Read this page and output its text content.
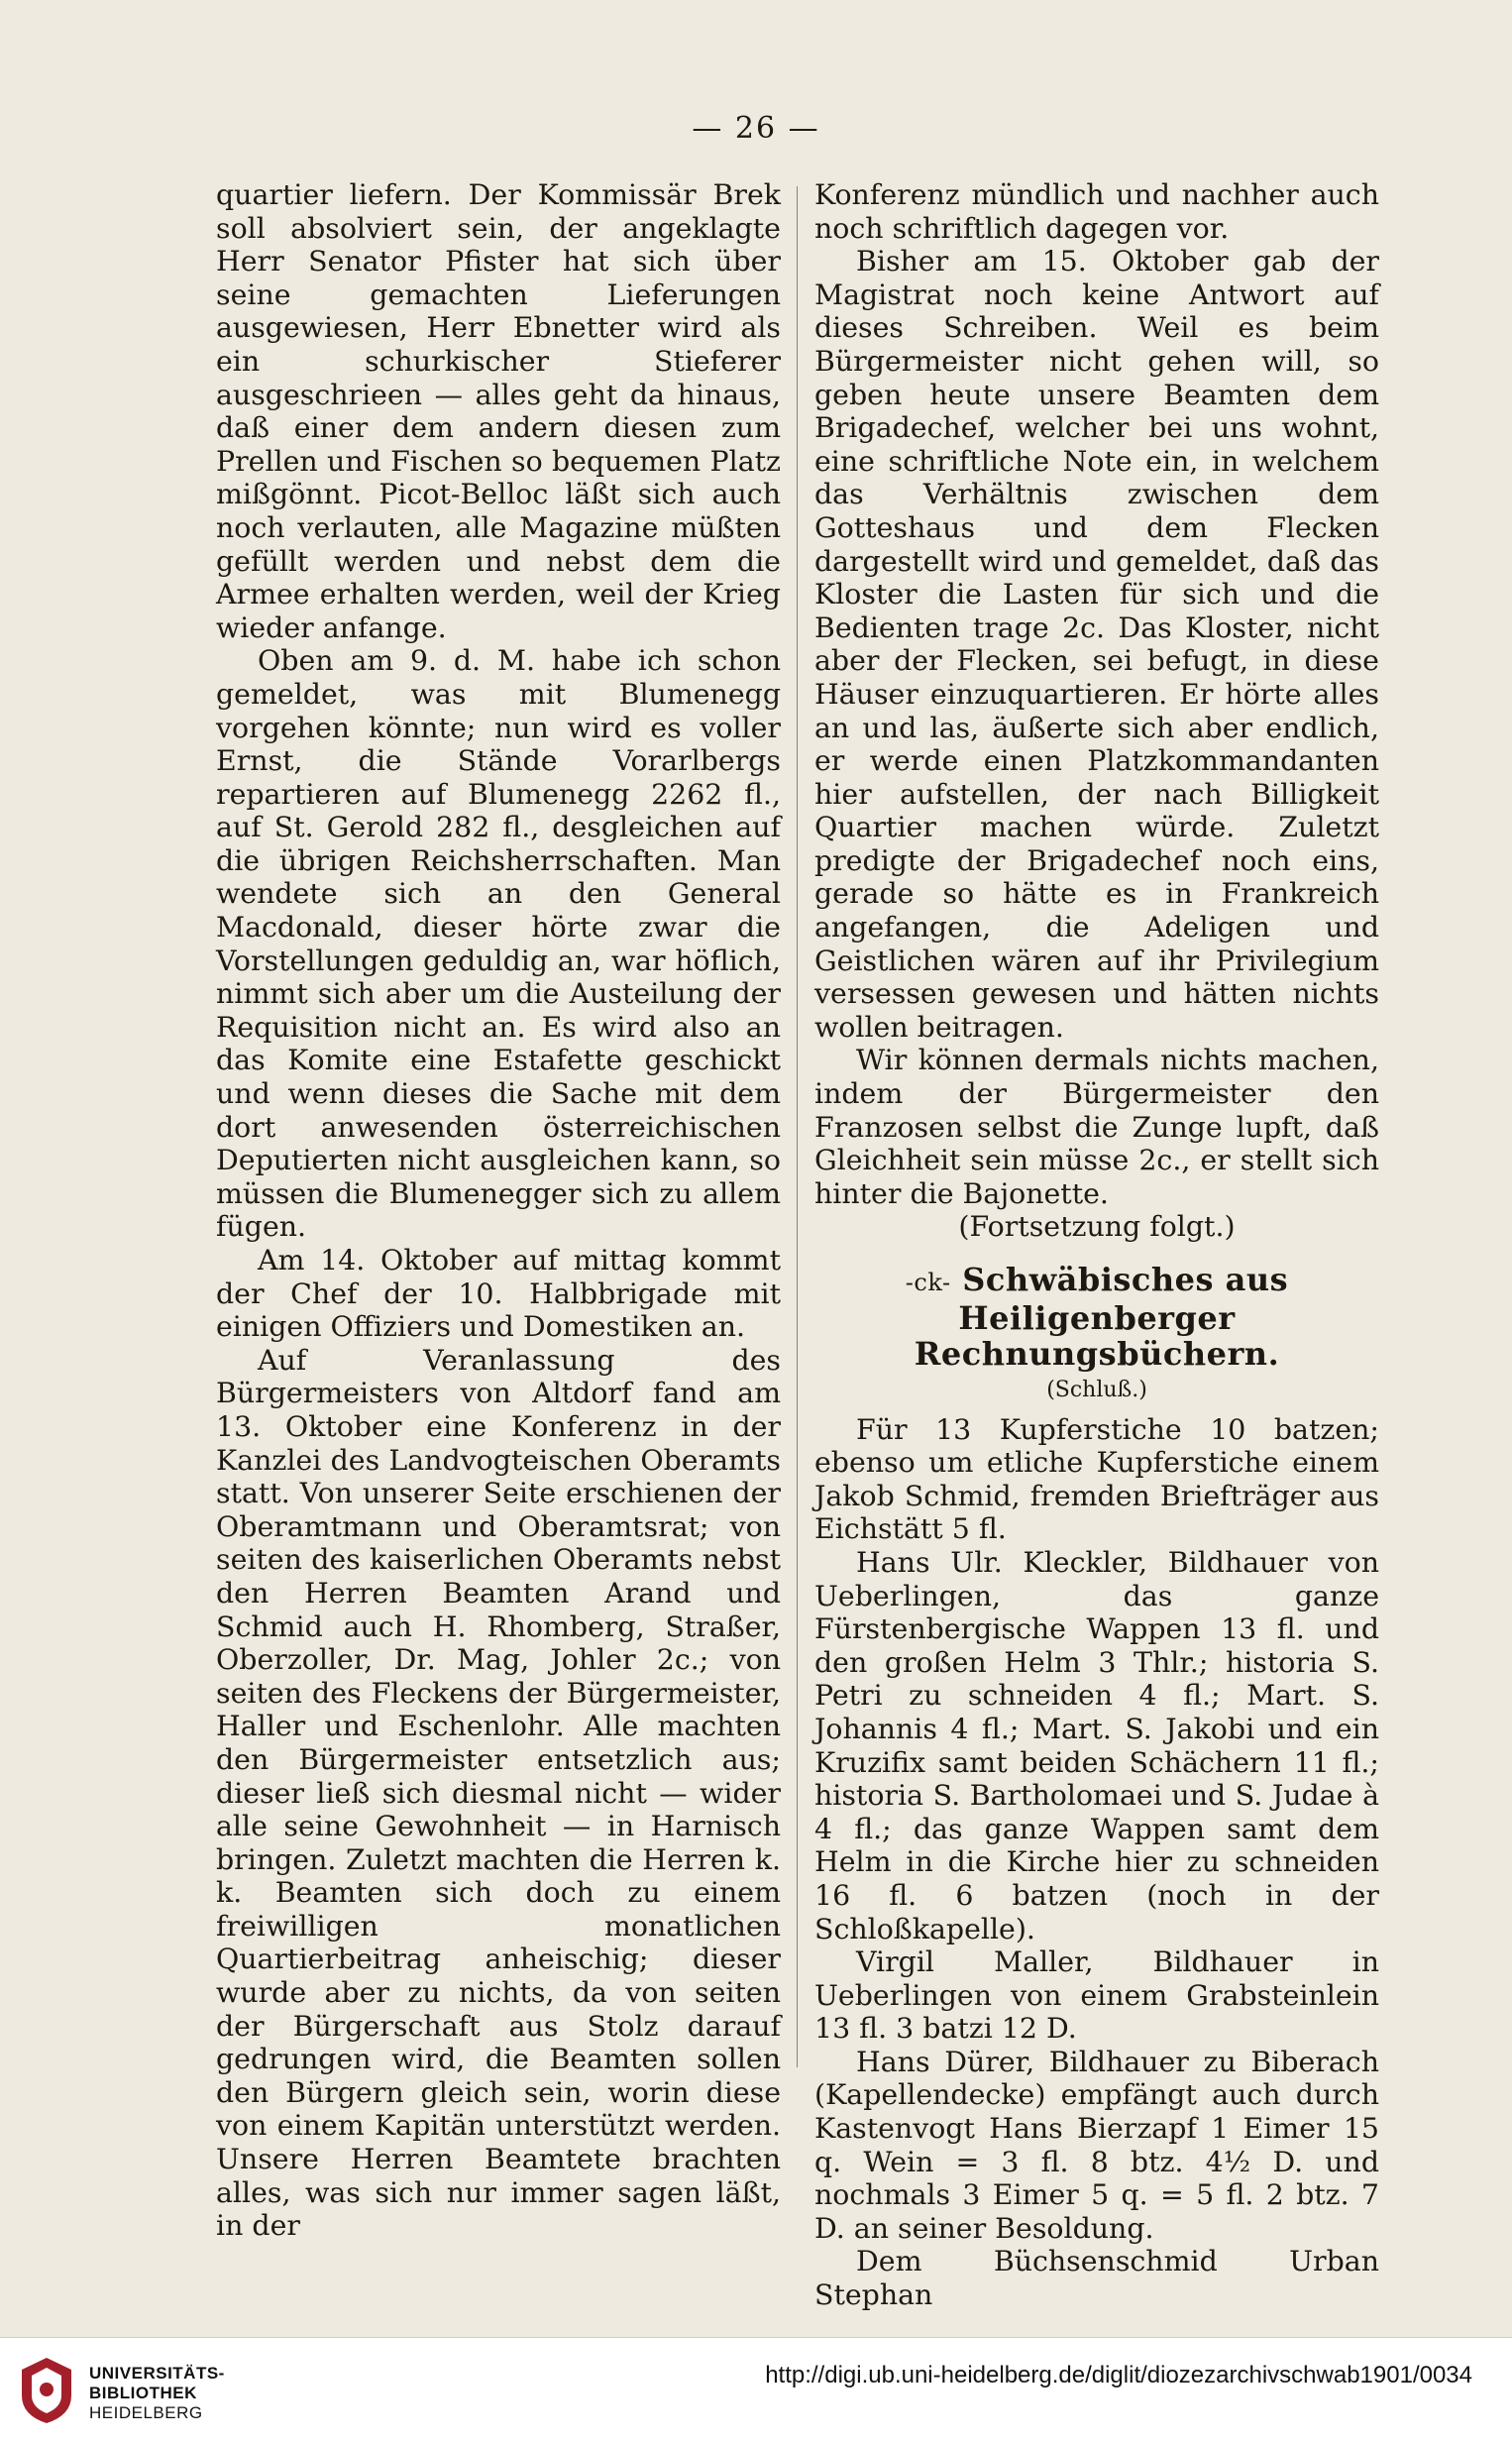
— 26 —

quartier liefern. Der Kommissär Brek soll absolviert sein, der angeklagte Herr Senator Pfister hat sich über seine gemachten Lieferungen ausgewiesen, Herr Ebnetter wird als ein schurkischer Stieferer ausgeschrieen — alles geht da hinaus, daß einer dem andern diesen zum Prellen und Fischen so bequemen Platz mißgönnt. Picot-Belloc läßt sich auch noch verlauten, alle Magazine müßten gefüllt werden und nebst dem die Armee erhalten werden, weil der Krieg wieder anfange.

Oben am 9. d. M. habe ich schon gemeldet, was mit Blumenegg vorgehen könnte; nun wird es voller Ernst, die Stände Vorarlbergs repartieren auf Blumenegg 2262 fl., auf St. Gerold 282 fl., desgleichen auf die übrigen Reichsherrschaften. Man wendete sich an den General Macdonald, dieser hörte zwar die Vorstellungen geduldig an, war höflich, nimmt sich aber um die Austeilung der Requisition nicht an. Es wird also an das Komite eine Estafette geschickt und wenn dieses die Sache mit dem dort anwesenden österreichischen Deputierten nicht ausgleichen kann, so müssen die Blumenegger sich zu allem fügen.

Am 14. Oktober auf mittag kommt der Chef der 10. Halbbrigade mit einigen Offiziers und Domestiken an.

Auf Veranlassung des Bürgermeisters von Altdorf fand am 13. Oktober eine Konferenz in der Kanzlei des Landvogteischen Oberamts statt. Von unserer Seite erschienen der Oberamtmann und Oberamtsrat; von seiten des kaiserlichen Oberamts nebst den Herren Beamten Arand und Schmid auch H. Rhomberg, Straßer, Oberzoller, Dr. Mag, Johler 2c.; von seiten des Fleckens der Bürgermeister, Haller und Eschenlohr. Alle machten den Bürgermeister entsetzlich aus; dieser ließ sich diesmal nicht — wider alle seine Gewohnheit — in Harnisch bringen. Zuletzt machten die Herren k. k. Beamten sich doch zu einem freiwilligen monatlichen Quartierbeitrag anheischig; dieser wurde aber zu nichts, da von seiten der Bürgerschaft aus Stolz darauf gedrungen wird, die Beamten sollen den Bürgern gleich sein, worin diese von einem Kapitän unterstützt werden. Unsere Herren Beamtete brachten alles, was sich nur immer sagen läßt, in der

Konferenz mündlich und nachher auch noch schriftlich dagegen vor.

Bisher am 15. Oktober gab der Magistrat noch keine Antwort auf dieses Schreiben. Weil es beim Bürgermeister nicht gehen will, so geben heute unsere Beamten dem Brigadechef, welcher bei uns wohnt, eine schriftliche Note ein, in welchem das Verhältnis zwischen dem Gotteshaus und dem Flecken dargestellt wird und gemeldet, daß das Kloster die Lasten für sich und die Bedienten trage 2c. Das Kloster, nicht aber der Flecken, sei befugt, in diese Häuser einzuquartieren. Er hörte alles an und las, äußerte sich aber endlich, er werde einen Platzkommandanten hier aufstellen, der nach Billigkeit Quartier machen würde. Zuletzt predigte der Brigadechef noch eins, gerade so hätte es in Frankreich angefangen, die Adeligen und Geistlichen wären auf ihr Privilegium versessen gewesen und hätten nichts wollen beitragen.

Wir können dermals nichts machen, indem der Bürgermeister den Franzosen selbst die Zunge lupft, daß Gleichheit sein müsse 2c., er stellt sich hinter die Bajonette.

(Fortsetzung folgt.)

-ck- Schwäbisches aus Heiligenberger
Rechnungsbüchern.
(Schluß.)

Für 13 Kupferstiche 10 batzen; ebenso um etliche Kupferstiche einem Jakob Schmid, fremden Briefträger aus Eichstätt 5 fl.

Hans Ulr. Kleckler, Bildhauer von Ueberlingen, das ganze Fürstenbergische Wappen 13 fl. und den großen Helm 3 Thlr.; historia S. Petri zu schneiden 4 fl.; Mart. S. Johannis 4 fl.; Mart. S. Jakobi und ein Kruzifix samt beiden Schächern 11 fl.; historia S. Bartholomaei und S. Judae à 4 fl.; das ganze Wappen samt dem Helm in die Kirche hier zu schneiden 16 fl. 6 batzen (noch in der Schloßkapelle).

Virgil Maller, Bildhauer in Ueberlingen von einem Grabsteinlein 13 fl. 3 batzi 12 D.

Hans Dürer, Bildhauer zu Biberach (Kapellendecke) empfängt auch durch Kastenvogt Hans Bierzapf 1 Eimer 15 q. Wein = 3 fl. 8 btz. 4½ D. und nochmals 3 Eimer 5 q. = 5 fl. 2 btz. 7 D. an seiner Besoldung.

Dem Büchsenschmid Urban Stephan

UNIVERSITÄTS-
BIBLIOTHEK
HEIDELBERG
http://digi.ub.uni-heidelberg.de/diglit/diozezarchivschwab1901/0034
